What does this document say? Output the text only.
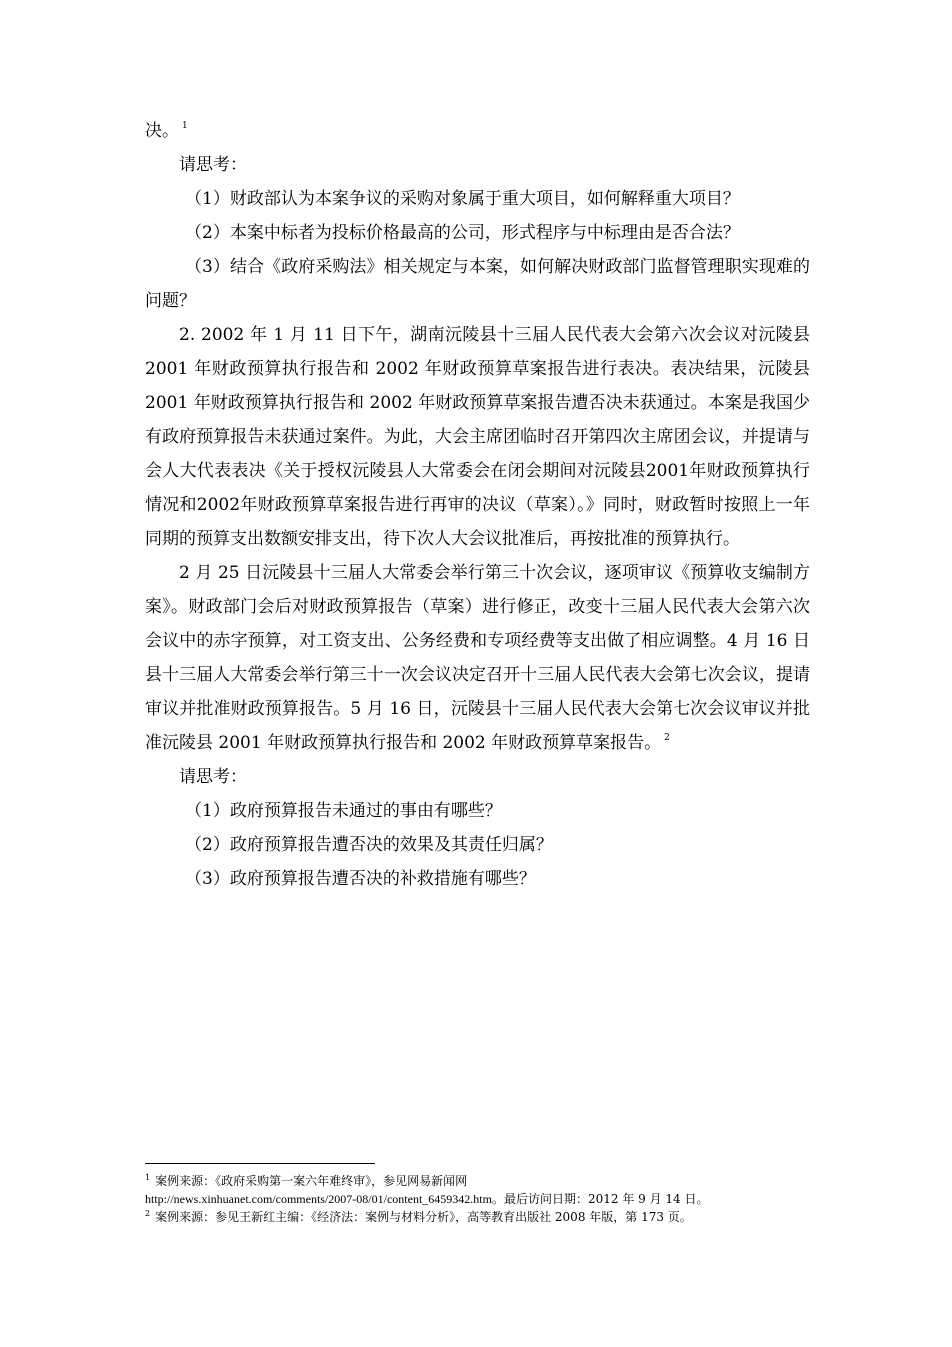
决。 $^1$

请思考：

（1）财政部认为本案争议的采购对象属于重大项目，如何解释重大项目？

（2）本案中标者为投标价格最高的公司，形式程序与中标理由是否合法？

（3）结合《政府采购法》相关规定与本案，如何解决财政部门监督管理职实现难的问题？

2. 2002 年 1 月 11 日下午，湖南沅陵县十三届人民代表大会第六次会议对沅陵县 2001 年财政预算执行报告和 2002 年财政预算草案报告进行表决。表决结果，沅陵县 2001 年财政预算执行报告和 2002 年财政预算草案报告遭否决未获通过。本案是我国少有政府预算报告未获通过案件。为此，大会主席团临时召开第四次主席团会议，并提请与会人大代表表决《关于授权沅陵县人大常委会在闭会期间对沅陵县2001年财政预算执行情况和2002年财政预算草案报告进行再审的决议（草案）。》同时，财政暂时按照上一年同期的预算支出数额安排支出，待下次人大会议批准后，再按批准的预算执行。

2 月 25 日沅陵县十三届人大常委会举行第三十次会议，逐项审议《预算收支编制方案》。财政部门会后对财政预算报告（草案）进行修正，改变十三届人民代表大会第六次会议中的赤字预算，对工资支出、公务经费和专项经费等支出做了相应调整。4 月 16 日县十三届人大常委会举行第三十一次会议决定召开十三届人民代表大会第七次会议，提请审议并批准财政预算报告。5 月 16 日，沅陵县十三届人民代表大会第七次会议审议并批准沅陵县 2001 年财政预算执行报告和 2002 年财政预算草案报告。 $^2$

请思考：

（1）政府预算报告未通过的事由有哪些？

（2）政府预算报告遭否决的效果及其责任归属？

（3）政府预算报告遭否决的补救措施有哪些？

$^1$ 案例来源：《政府采购第一案六年难终审》，参见网易新闻网

http://news.xinhuanet.com/comments/2007-08/01/content_6459342.htm。最后访问日期：2012 年 9 月 14 日。

$^2$ 案例来源：参见王新红主编：《经济法：案例与材料分析》，高等教育出版社 2008 年版，第 173 页。
